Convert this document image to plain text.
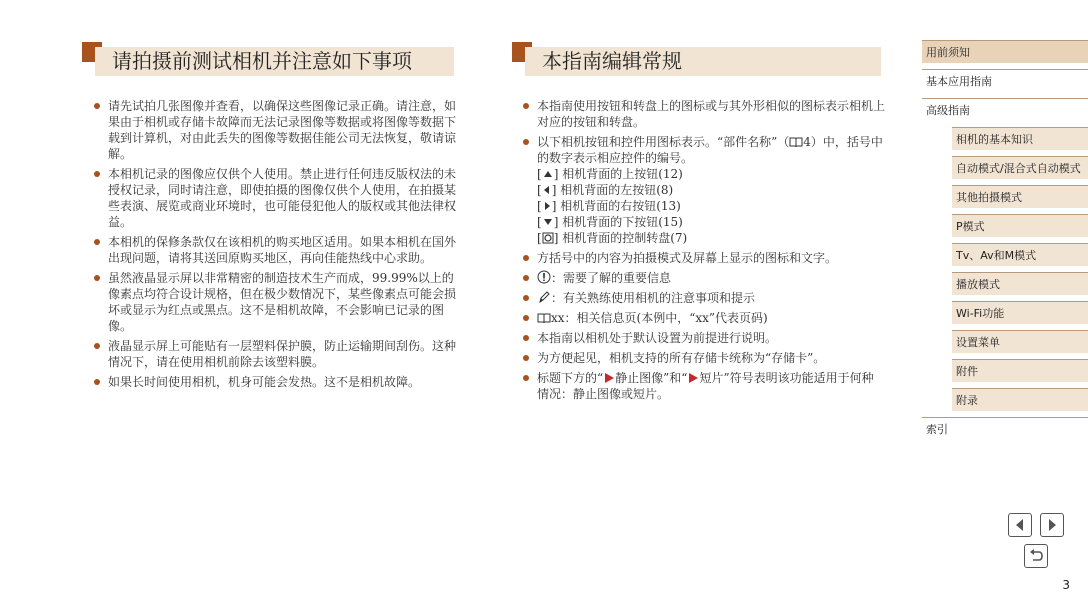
请拍摄前测试相机并注意如下事项
请先试拍几张图像并查看，以确保这些图像记录正确。请注意，如果由于相机或存储卡故障而无法记录图像等数据或将图像等数据下载到计算机，对由此丢失的图像等数据佳能公司无法恢复，敬请谅解。
本相机记录的图像应仅供个人使用。禁止进行任何违反版权法的未授权记录，同时请注意，即使拍摄的图像仅供个人使用，在拍摄某些表演、展览或商业环境时，也可能侵犯他人的版权或其他法律权益。
本相机的保修条款仅在该相机的购买地区适用。如果本相机在国外出现问题，请将其送回原购买地区，再向佳能热线中心求助。
虽然液晶显示屏以非常精密的制造技术生产而成，99.99%以上的像素点均符合设计规格，但在极少数情况下，某些像素点可能会损坏或显示为红点或黑点。这不是相机故障，不会影响已记录的图像。
液晶显示屏上可能贴有一层塑料保护膜，防止运输期间刮伤。这种情况下，请在使用相机前除去该塑料膜。
如果长时间使用相机，机身可能会发热。这不是相机故障。
本指南编辑常规
本指南使用按钮和转盘上的图标或与其外形相似的图标表示相机上对应的按钮和转盘。
以下相机按钮和控件用图标表示。“部件名称”（ 4）中，括号中的数字表示相应控件的编号。
[ ] 相机背面的上按钮(12)
[ ] 相机背面的左按钮(8)
[ ] 相机背面的右按钮(13)
[ ] 相机背面的下按钮(15)
[ ] 相机背面的控制转盘(7)
方括号中的内容为拍摄模式及屏幕上显示的图标和文字。
：需要了解的重要信息
：有关熟练使用相机的注意事项和提示
xx：相关信息页(本例中，“xx”代表页码)
本指南以相机处于默认设置为前提进行说明。
为方便起见，相机支持的所有存储卡统称为“存储卡”。
标题下方的“ 静止图像”和“ 短片”符号表明该功能适用于何种情况：静止图像或短片。
用前须知
基本应用指南
高级指南
相机的基本知识
自动模式/混合式自动模式
其他拍摄模式
P模式
Tv、Av和M模式
播放模式
Wi-Fi功能
设置菜单
附件
附录
索引
3
